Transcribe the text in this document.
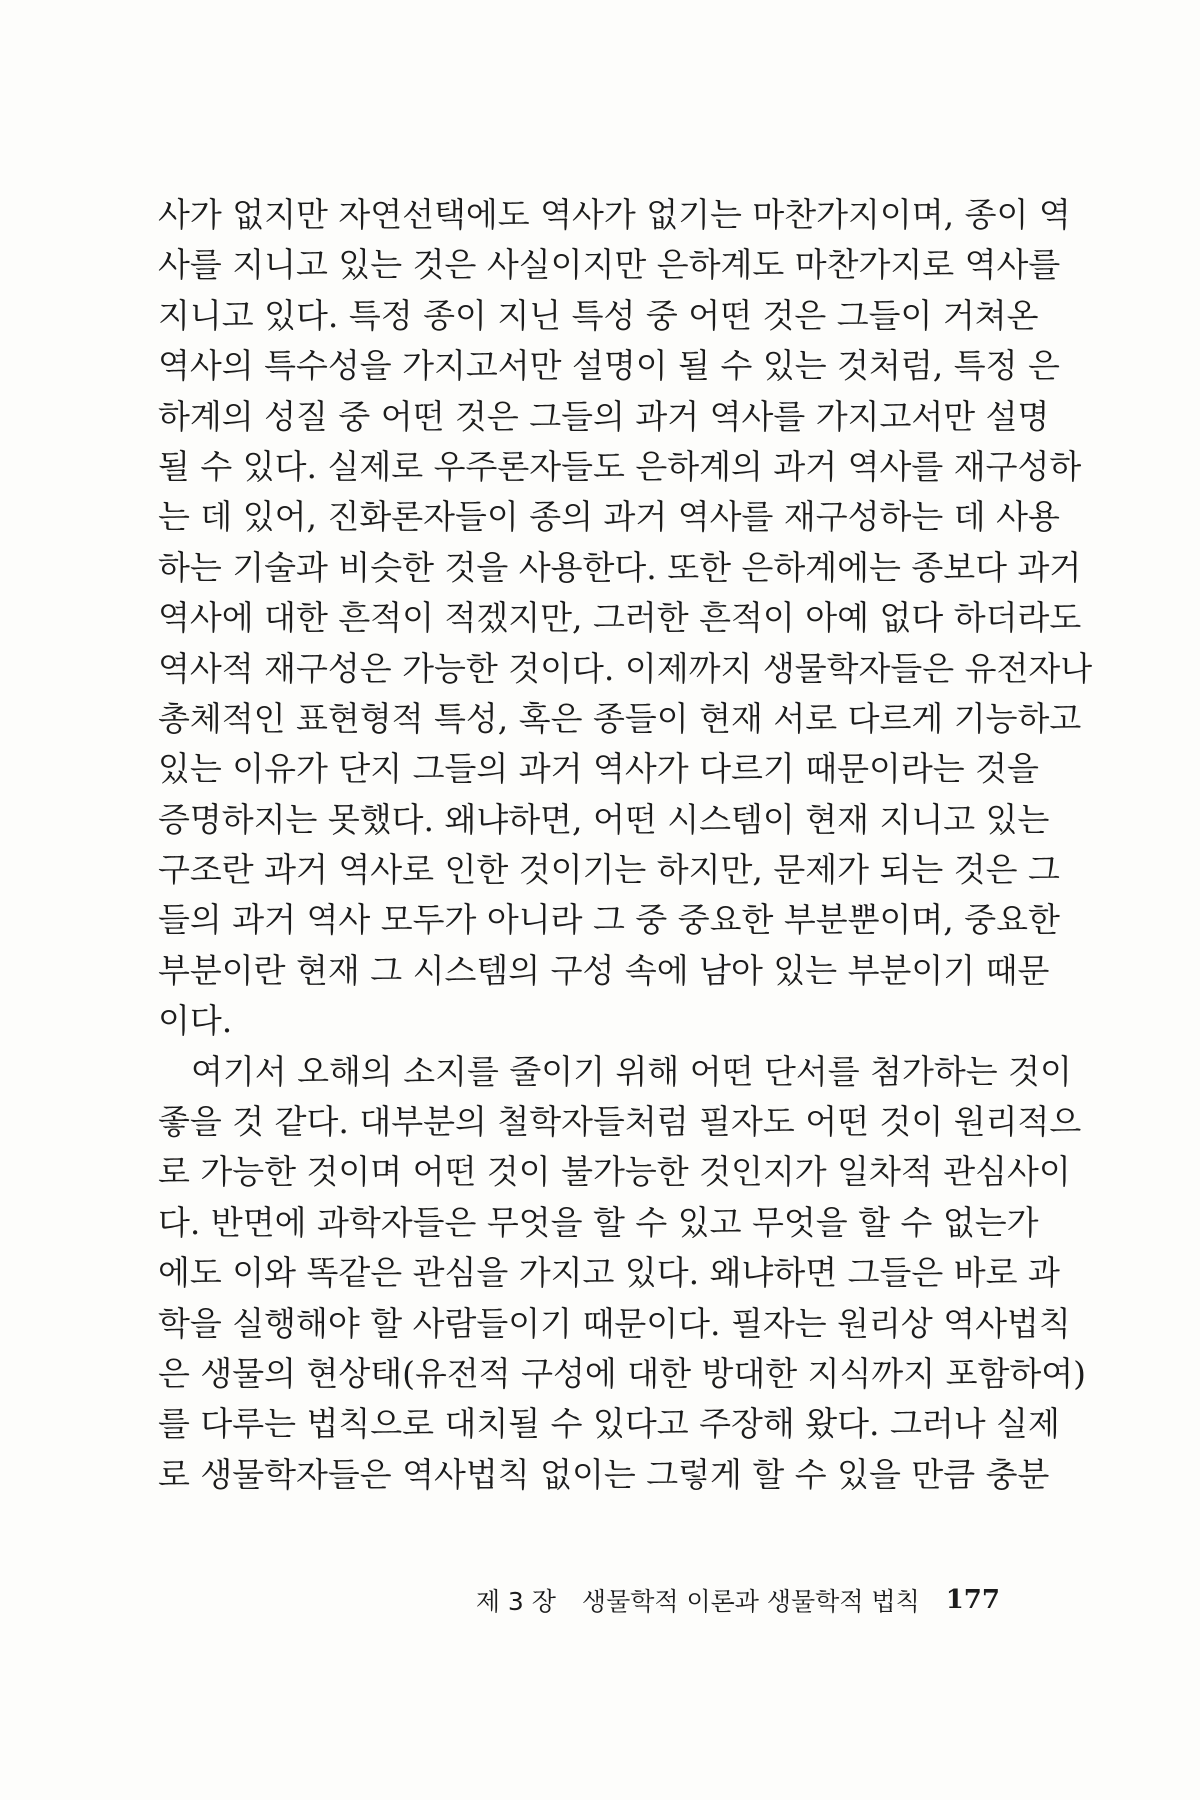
사가 없지만 자연선택에도 역사가 없기는 마찬가지이며, 종이 역
사를 지니고 있는 것은 사실이지만 은하계도 마찬가지로 역사를
지니고 있다. 특정 종이 지닌 특성 중 어떤 것은 그들이 거쳐온
역사의 특수성을 가지고서만 설명이 될 수 있는 것처럼, 특정 은
하계의 성질 중 어떤 것은 그들의 과거 역사를 가지고서만 설명
될 수 있다. 실제로 우주론자들도 은하계의 과거 역사를 재구성하
는 데 있어, 진화론자들이 종의 과거 역사를 재구성하는 데 사용
하는 기술과 비슷한 것을 사용한다. 또한 은하계에는 종보다 과거
역사에 대한 흔적이 적겠지만, 그러한 흔적이 아예 없다 하더라도
역사적 재구성은 가능한 것이다. 이제까지 생물학자들은 유전자나
총체적인 표현형적 특성, 혹은 종들이 현재 서로 다르게 기능하고
있는 이유가 단지 그들의 과거 역사가 다르기 때문이라는 것을
증명하지는 못했다. 왜냐하면, 어떤 시스템이 현재 지니고 있는
구조란 과거 역사로 인한 것이기는 하지만, 문제가 되는 것은 그
들의 과거 역사 모두가 아니라 그 중 중요한 부분뿐이며, 중요한
부분이란 현재 그 시스템의 구성 속에 남아 있는 부분이기 때문
이다.
여기서 오해의 소지를 줄이기 위해 어떤 단서를 첨가하는 것이
좋을 것 같다. 대부분의 철학자들처럼 필자도 어떤 것이 원리적으
로 가능한 것이며 어떤 것이 불가능한 것인지가 일차적 관심사이
다. 반면에 과학자들은 무엇을 할 수 있고 무엇을 할 수 없는가
에도 이와 똑같은 관심을 가지고 있다. 왜냐하면 그들은 바로 과
학을 실행해야 할 사람들이기 때문이다. 필자는 원리상 역사법칙
은 생물의 현상태(유전적 구성에 대한 방대한 지식까지 포함하여)
를 다루는 법칙으로 대치될 수 있다고 주장해 왔다. 그러나 실제
로 생물학자들은 역사법칙 없이는 그렇게 할 수 있을 만큼 충분
제 3 장 생물학적 이론과 생물학적 법칙 177
